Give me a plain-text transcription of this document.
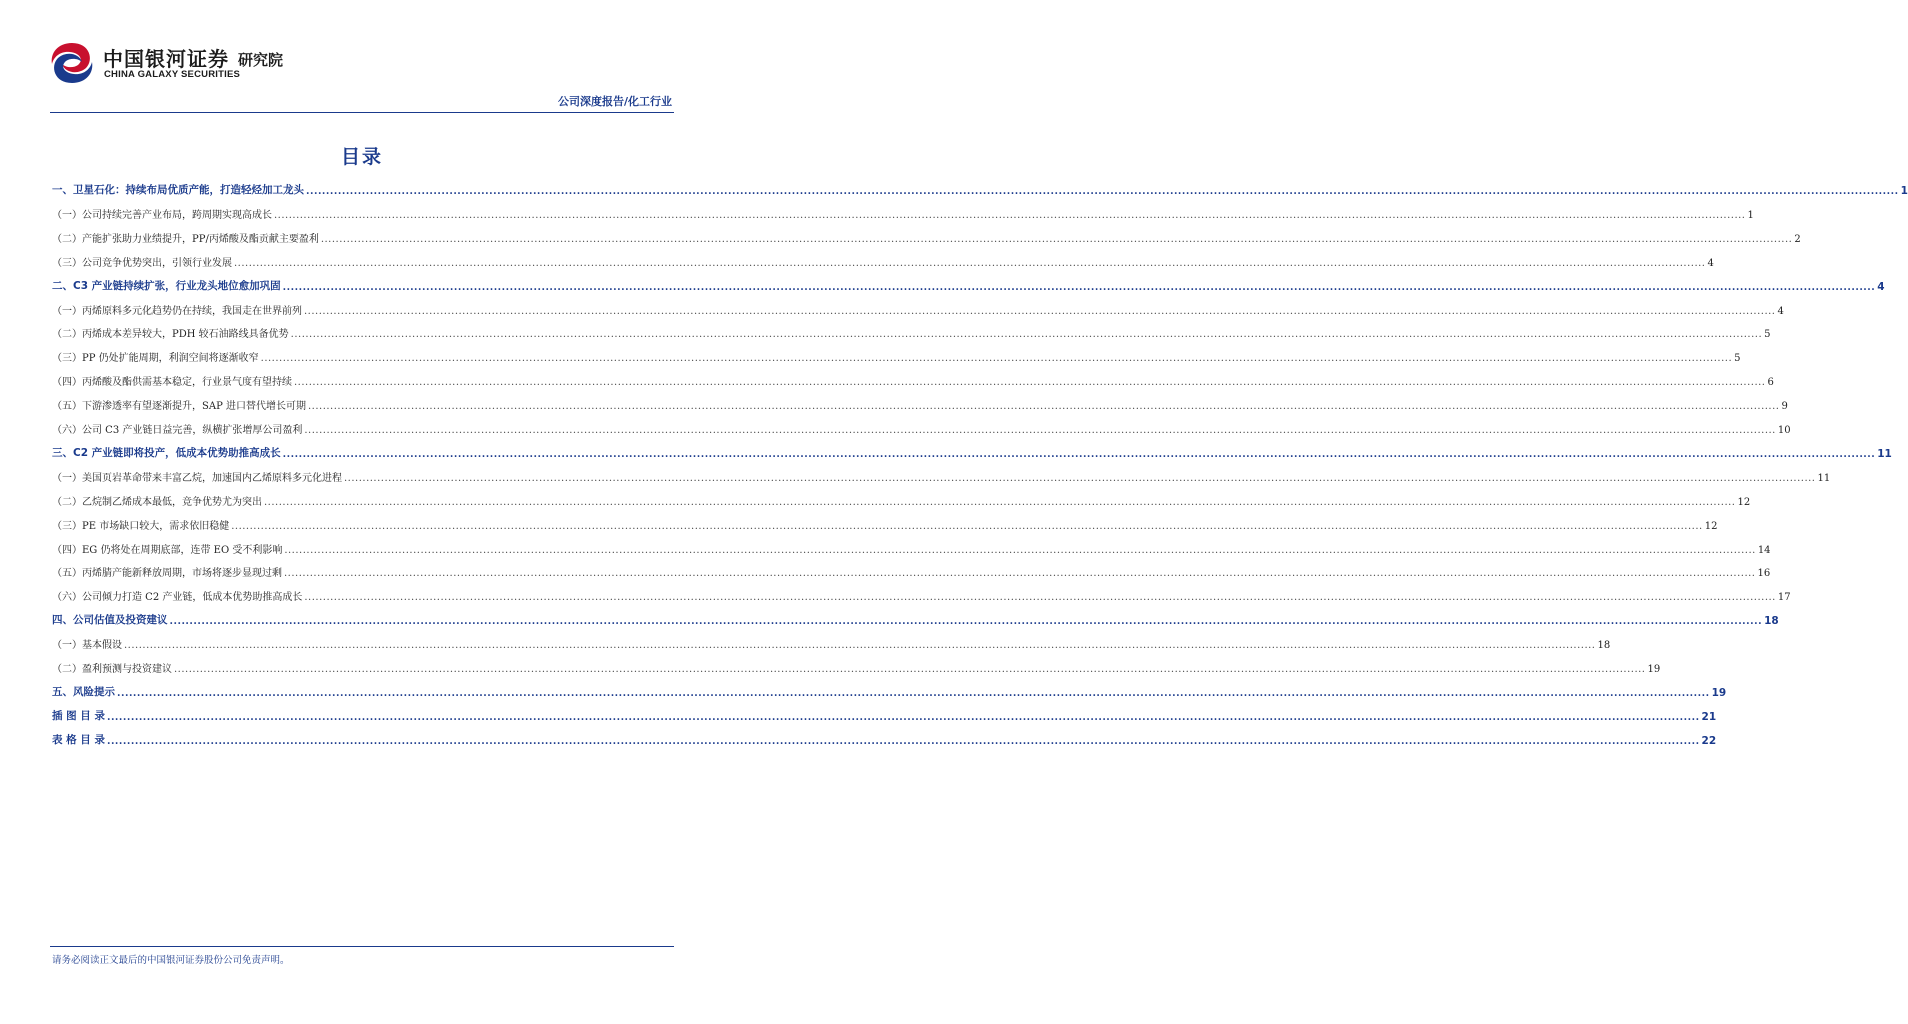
中国银河证券
CHINA GALAXY SECURITIES
研究院
公司深度报告/化工行业
目录
一、卫星石化：持续布局优质产能，打造轻烃加工龙头 ................................................................................................................................................................................................................................................................................................................................................................................................................ 1
（一）公司持续完善产业布局，跨周期实现高成长 ................................................................................................................................................................................................................................................................................................................................................................................................................ 1
（二）产能扩张助力业绩提升，PP/丙烯酸及酯贡献主要盈利 ................................................................................................................................................................................................................................................................................................................................................................................................................ 2
（三）公司竞争优势突出，引领行业发展 ................................................................................................................................................................................................................................................................................................................................................................................................................ 4
二、C3 产业链持续扩张，行业龙头地位愈加巩固 ................................................................................................................................................................................................................................................................................................................................................................................................................ 4
（一）丙烯原料多元化趋势仍在持续，我国走在世界前列 ................................................................................................................................................................................................................................................................................................................................................................................................................ 4
（二）丙烯成本差异较大，PDH 较石油路线具备优势 ................................................................................................................................................................................................................................................................................................................................................................................................................ 5
（三）PP 仍处扩能周期，利润空间将逐渐收窄 ................................................................................................................................................................................................................................................................................................................................................................................................................ 5
（四）丙烯酸及酯供需基本稳定，行业景气度有望持续 ................................................................................................................................................................................................................................................................................................................................................................................................................ 6
（五）下游渗透率有望逐渐提升，SAP 进口替代增长可期 ................................................................................................................................................................................................................................................................................................................................................................................................................ 9
（六）公司 C3 产业链日益完善，纵横扩张增厚公司盈利 ................................................................................................................................................................................................................................................................................................................................................................................................................ 10
三、C2 产业链即将投产，低成本优势助推高成长 ................................................................................................................................................................................................................................................................................................................................................................................................................ 11
（一）美国页岩革命带来丰富乙烷，加速国内乙烯原料多元化进程 ................................................................................................................................................................................................................................................................................................................................................................................................................ 11
（二）乙烷制乙烯成本最低，竞争优势尤为突出 ................................................................................................................................................................................................................................................................................................................................................................................................................ 12
（三）PE 市场缺口较大，需求依旧稳健 ................................................................................................................................................................................................................................................................................................................................................................................................................ 12
（四）EG 仍将处在周期底部，连带 EO 受不利影响 ................................................................................................................................................................................................................................................................................................................................................................................................................ 14
（五）丙烯腈产能新释放周期，市场将逐步显现过剩 ................................................................................................................................................................................................................................................................................................................................................................................................................ 16
（六）公司倾力打造 C2 产业链，低成本优势助推高成长 ................................................................................................................................................................................................................................................................................................................................................................................................................ 17
四、公司估值及投资建议 ................................................................................................................................................................................................................................................................................................................................................................................................................ 18
（一）基本假设 ................................................................................................................................................................................................................................................................................................................................................................................................................ 18
（二）盈利预测与投资建议 ................................................................................................................................................................................................................................................................................................................................................................................................................ 19
五、风险提示 ................................................................................................................................................................................................................................................................................................................................................................................................................ 19
插 图 目 录 ................................................................................................................................................................................................................................................................................................................................................................................................................ 21
表 格 目 录 ................................................................................................................................................................................................................................................................................................................................................................................................................ 22
请务必阅读正文最后的中国银河证券股份公司免责声明。
